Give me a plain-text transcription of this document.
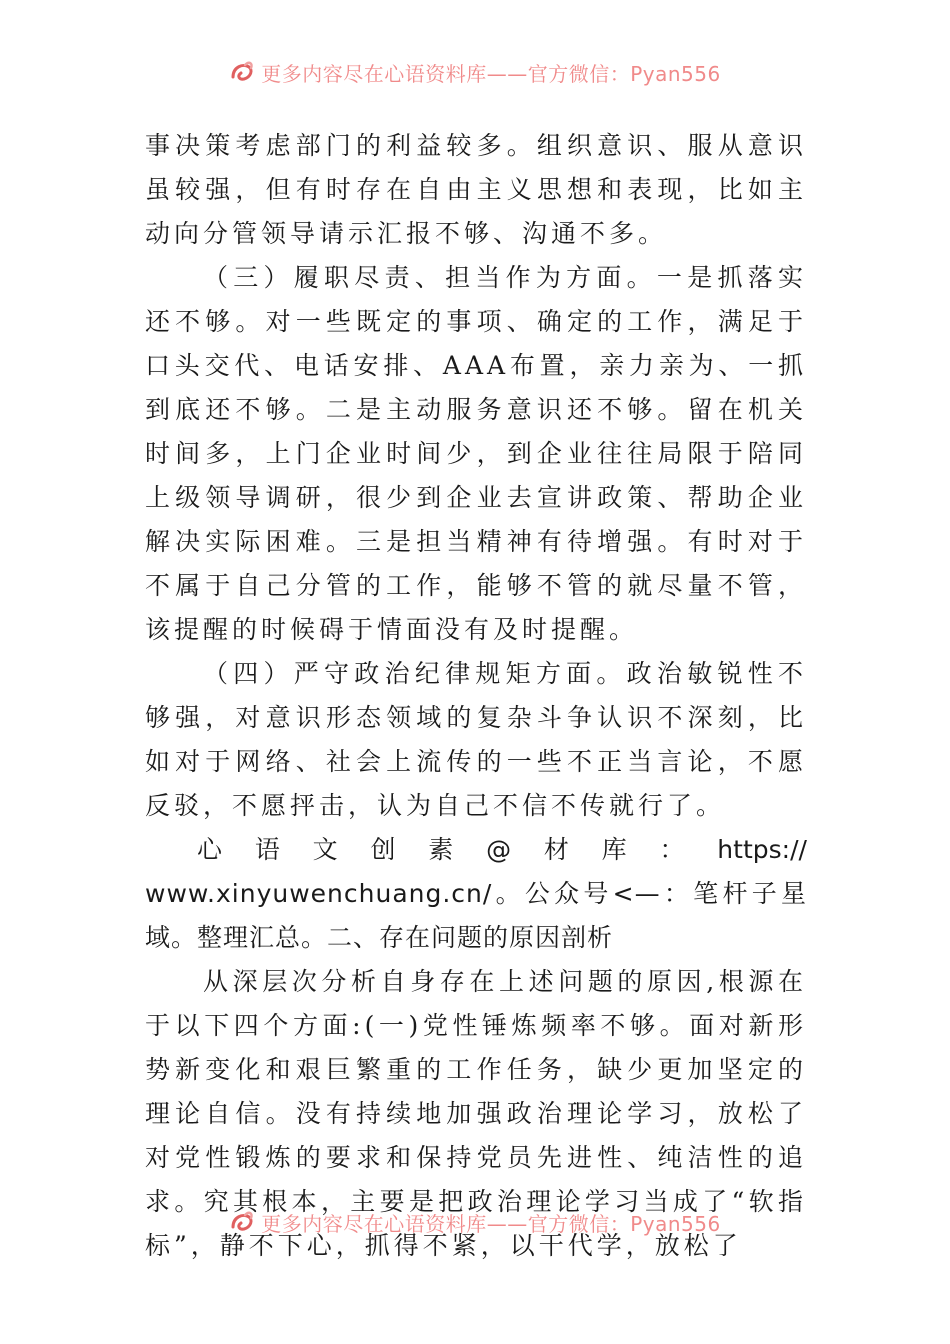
更多内容尽在心语资料库——官方微信：Pyan556

事决策考虑部门的利益较多。组织意识、服从意识虽较强，但有时存在自由主义思想和表现，比如主动向分管领导请示汇报不够、沟通不多。

（三）履职尽责、担当作为方面。一是抓落实还不够。对一些既定的事项、确定的工作，满足于口头交代、电话安排、AAA布置，亲力亲为、一抓到底还不够。二是主动服务意识还不够。留在机关时间多，上门企业时间少，到企业往往局限于陪同上级领导调研，很少到企业去宣讲政策、帮助企业解决实际困难。三是担当精神有待增强。有时对于不属于自己分管的工作，能够不管的就尽量不管，该提醒的时候碍于情面没有及时提醒。

（四）严守政治纪律规矩方面。政治敏锐性不够强，对意识形态领域的复杂斗争认识不深刻，比如对于网络、社会上流传的一些不正当言论，不愿反驳，不愿抨击，认为自己不信不传就行了。

心 语 文 创 素 @ 材 库 ： https://

www.xinyuwenchuang.cn/。公众号<—：笔杆子星域。整理汇总。二、存在问题的原因剖析

从深层次分析自身存在上述问题的原因,根源在于以下四个方面:(一)党性锤炼频率不够。面对新形势新变化和艰巨繁重的工作任务，缺少更加坚定的理论自信。没有持续地加强政治理论学习，放松了对党性锻炼的要求和保持党员先进性、纯洁性的追求。究其根本，主要是把政治理论学习当成了“软指标”，静不下心，抓得不紧，以干代学，放松了

更多内容尽在心语资料库——官方微信：Pyan556
